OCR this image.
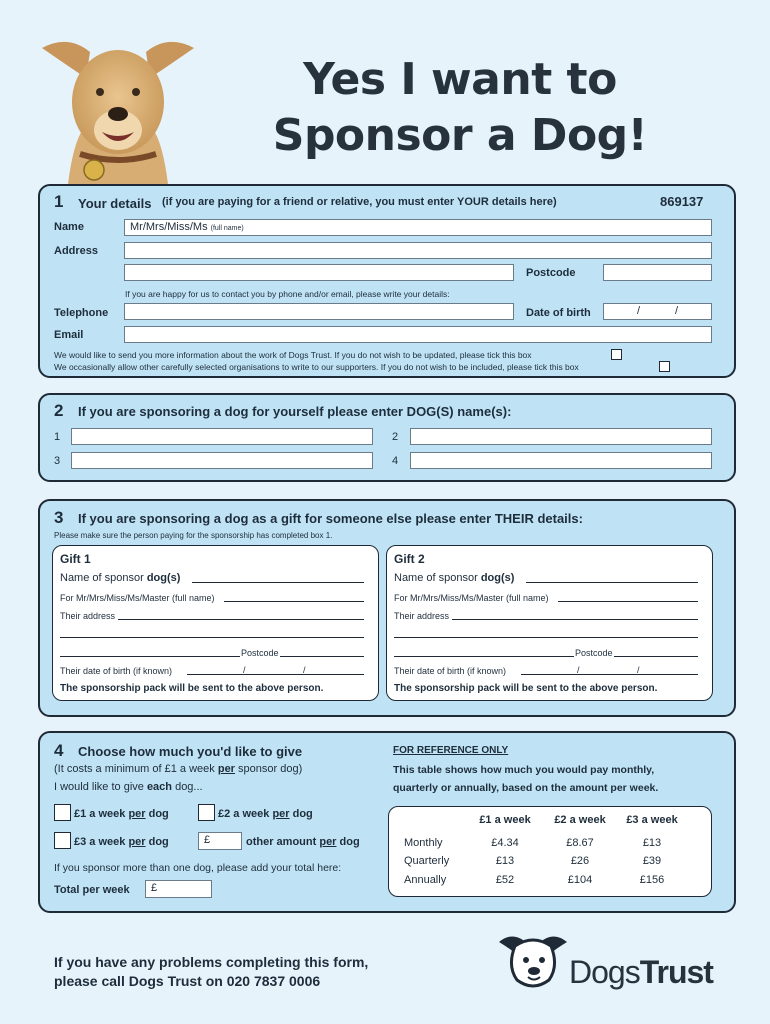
Yes I want to
Sponsor a Dog!
1 Your details (if you are paying for a friend or relative, you must enter YOUR details here)	869137
Name	Mr/Mrs/Miss/Ms (full name)
Address
Postcode
If you are happy for us to contact you by phone and/or email, please write your details:
Telephone	Date of birth	/	/
Email
We would like to send you more information about the work of Dogs Trust. If you do not wish to be updated, please tick this box
We occasionally allow other carefully selected organisations to write to our supporters. If you do not wish to be included, please tick this box
2 If you are sponsoring a dog for yourself please enter DOG(S) name(s):
1	2
3	4
3 If you are sponsoring a dog as a gift for someone else please enter THEIR details:
Please make sure the person paying for the sponsorship has completed box 1.
Gift 1
Name of sponsor dog(s)
For Mr/Mrs/Miss/Ms/Master (full name)
Their address
Postcode
Their date of birth (if known)	/	/
The sponsorship pack will be sent to the above person.
Gift 2
Name of sponsor dog(s)
For Mr/Mrs/Miss/Ms/Master (full name)
Their address
Postcode
Their date of birth (if known)	/	/
The sponsorship pack will be sent to the above person.
4 Choose how much you'd like to give
(It costs a minimum of £1 a week per sponsor dog)
I would like to give each dog...
£1 a week per dog	£2 a week per dog
£3 a week per dog	£	other amount per dog
If you sponsor more than one dog, please add your total here:
Total per week	£
FOR REFERENCE ONLY
This table shows how much you would pay monthly,
quarterly or annually, based on the amount per week.
£1 a week	£2 a week	£3 a week
Monthly	£4.34	£8.67	£13
Quarterly	£13	£26	£39
Annually	£52	£104	£156
If you have any problems completing this form,
please call Dogs Trust on 020 7837 0006	DogsTrust
